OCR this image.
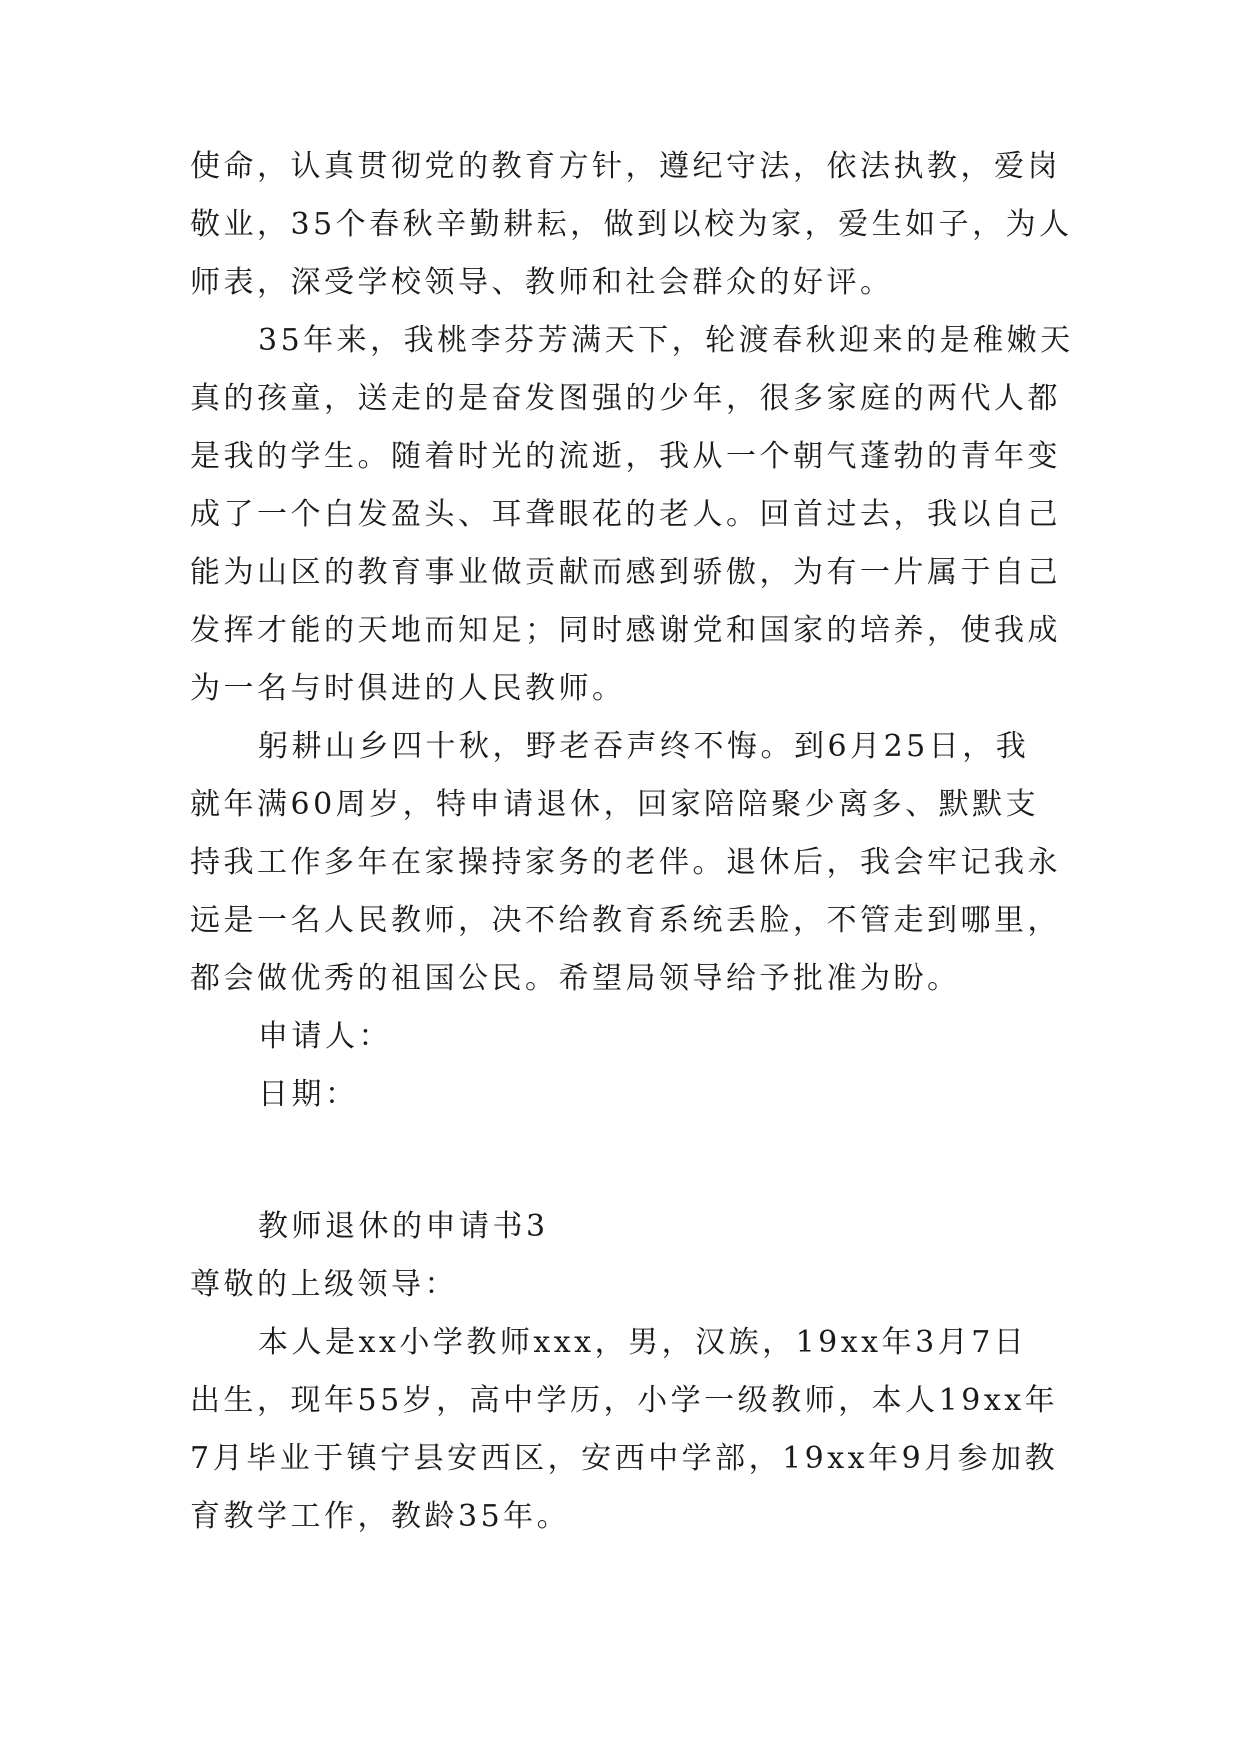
使命，认真贯彻党的教育方针，遵纪守法，依法执教，爱岗
敬业，35个春秋辛勤耕耘，做到以校为家，爱生如子，为人
师表，深受学校领导、教师和社会群众的好评。
35年来，我桃李芬芳满天下，轮渡春秋迎来的是稚嫩天
真的孩童，送走的是奋发图强的少年，很多家庭的两代人都
是我的学生。随着时光的流逝，我从一个朝气蓬勃的青年变
成了一个白发盈头、耳聋眼花的老人。回首过去，我以自己
能为山区的教育事业做贡献而感到骄傲，为有一片属于自己
发挥才能的天地而知足；同时感谢党和国家的培养，使我成
为一名与时俱进的人民教师。
躬耕山乡四十秋，野老吞声终不悔。到6月25日，我
就年满60周岁，特申请退休，回家陪陪聚少离多、默默支
持我工作多年在家操持家务的老伴。退休后，我会牢记我永
远是一名人民教师，决不给教育系统丢脸，不管走到哪里，
都会做优秀的祖国公民。希望局领导给予批准为盼。
申请人：
日期：
教师退休的申请书3
尊敬的上级领导：
本人是xx小学教师xxx，男，汉族，19xx年3月7日
出生，现年55岁，高中学历，小学一级教师，本人19xx年
7月毕业于镇宁县安西区，安西中学部，19xx年9月参加教
育教学工作，教龄35年。
